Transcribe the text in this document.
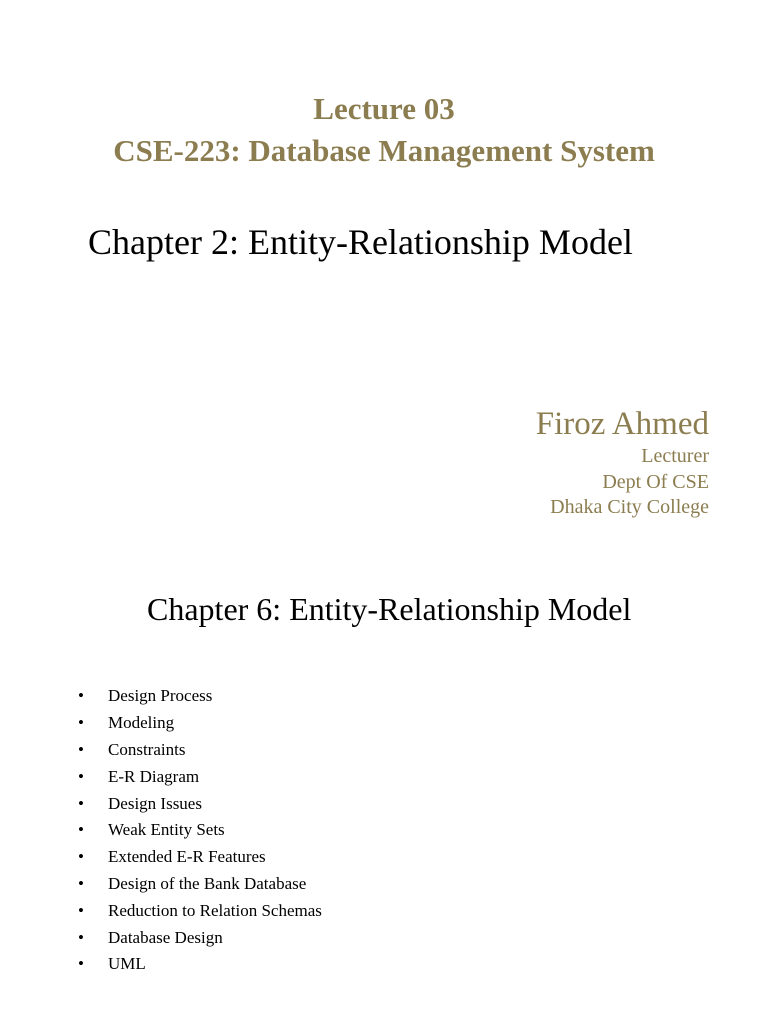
Lecture 03
CSE-223: Database Management System
Chapter 2: Entity-Relationship Model
Firoz Ahmed
Lecturer
Dept Of CSE
Dhaka City College
Chapter 6: Entity-Relationship Model
•	Design Process
•	Modeling
•	Constraints
•	E-R Diagram
•	Design Issues
•	Weak Entity Sets
•	Extended E-R Features
•	Design of the Bank Database
•	Reduction to Relation Schemas
•	Database Design
•	UML
